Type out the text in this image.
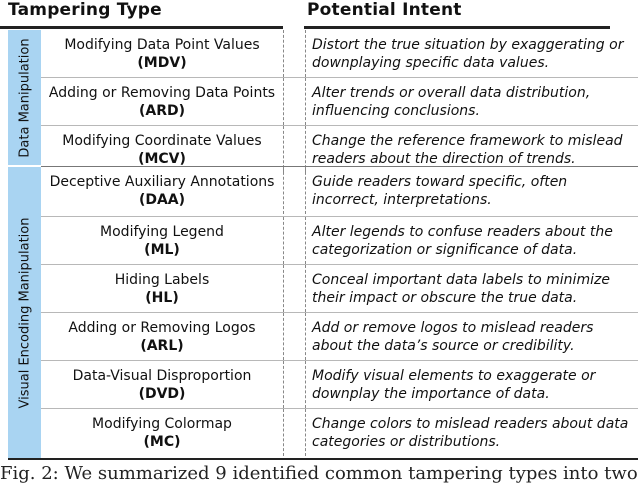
Tampering Type	Potential Intent
Data Manipulation
Visual Encoding Manipulation
Modifying Data Point Values
(MDV)
Distort the true situation by exaggerating or downplaying specific data values.
Adding or Removing Data Points
(ARD)
Alter trends or overall data distribution, influencing conclusions.
Modifying Coordinate Values
(MCV)
Change the reference framework to mislead readers about the direction of trends.
Deceptive Auxiliary Annotations
(DAA)
Guide readers toward specific, often incorrect, interpretations.
Modifying Legend
(ML)
Alter legends to confuse readers about the categorization or significance of data.
Hiding Labels
(HL)
Conceal important data labels to minimize their impact or obscure the true data.
Adding or Removing Logos
(ARL)
Add or remove logos to mislead readers about the data’s source or credibility.
Data-Visual Disproportion
(DVD)
Modify visual elements to exaggerate or downplay the importance of data.
Modifying Colormap
(MC)
Change colors to mislead readers about data categories or distributions.
Fig. 2: We summarized 9 identified common tampering types into two
